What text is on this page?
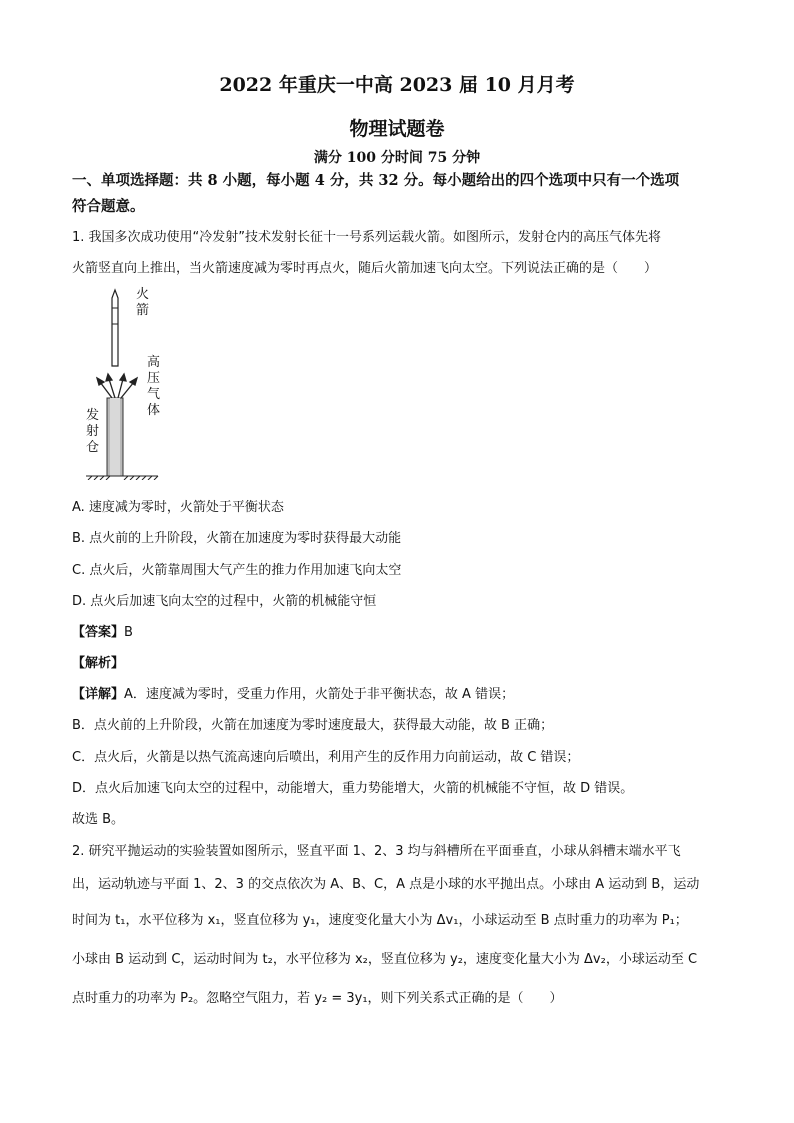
2022 年重庆一中高 2023 届 10 月月考
物理试题卷
满分 100 分时间 75 分钟
一、单项选择题：共 8 小题，每小题 4 分，共 32 分。每小题给出的四个选项中只有一个选项
符合题意。
1. 我国多次成功使用“冷发射”技术发射长征十一号系列运载火箭。如图所示，发射仓内的高压气体先将
火箭竖直向上推出，当火箭速度减为零时再点火，随后火箭加速飞向太空。下列说法正确的是（　　）
火箭
高压气体
发射仓
A. 速度减为零时，火箭处于平衡状态
B. 点火前的上升阶段，火箭在加速度为零时获得最大动能
C. 点火后，火箭靠周围大气产生的推力作用加速飞向太空
D. 点火后加速飞向太空的过程中，火箭的机械能守恒
【答案】B
【解析】
【详解】A．速度减为零时，受重力作用，火箭处于非平衡状态，故 A 错误；
B．点火前的上升阶段，火箭在加速度为零时速度最大，获得最大动能，故 B 正确；
C．点火后，火箭是以热气流高速向后喷出，利用产生的反作用力向前运动，故 C 错误；
D．点火后加速飞向太空的过程中，动能增大，重力势能增大，火箭的机械能不守恒，故 D 错误。
故选 B。
2. 研究平抛运动的实验装置如图所示，竖直平面 1、2、3 均与斜槽所在平面垂直，小球从斜槽末端水平飞
出，运动轨迹与平面 1、2、3 的交点依次为 A、B、C，A 点是小球的水平抛出点。小球由 A 运动到 B，运动
时间为 t₁，水平位移为 x₁，竖直位移为 y₁，速度变化量大小为 Δv₁，小球运动至 B 点时重力的功率为 P₁；
小球由 B 运动到 C，运动时间为 t₂，水平位移为 x₂，竖直位移为 y₂，速度变化量大小为 Δv₂，小球运动至 C
点时重力的功率为 P₂。忽略空气阻力，若 y₂ = 3y₁，则下列关系式正确的是（　　）
